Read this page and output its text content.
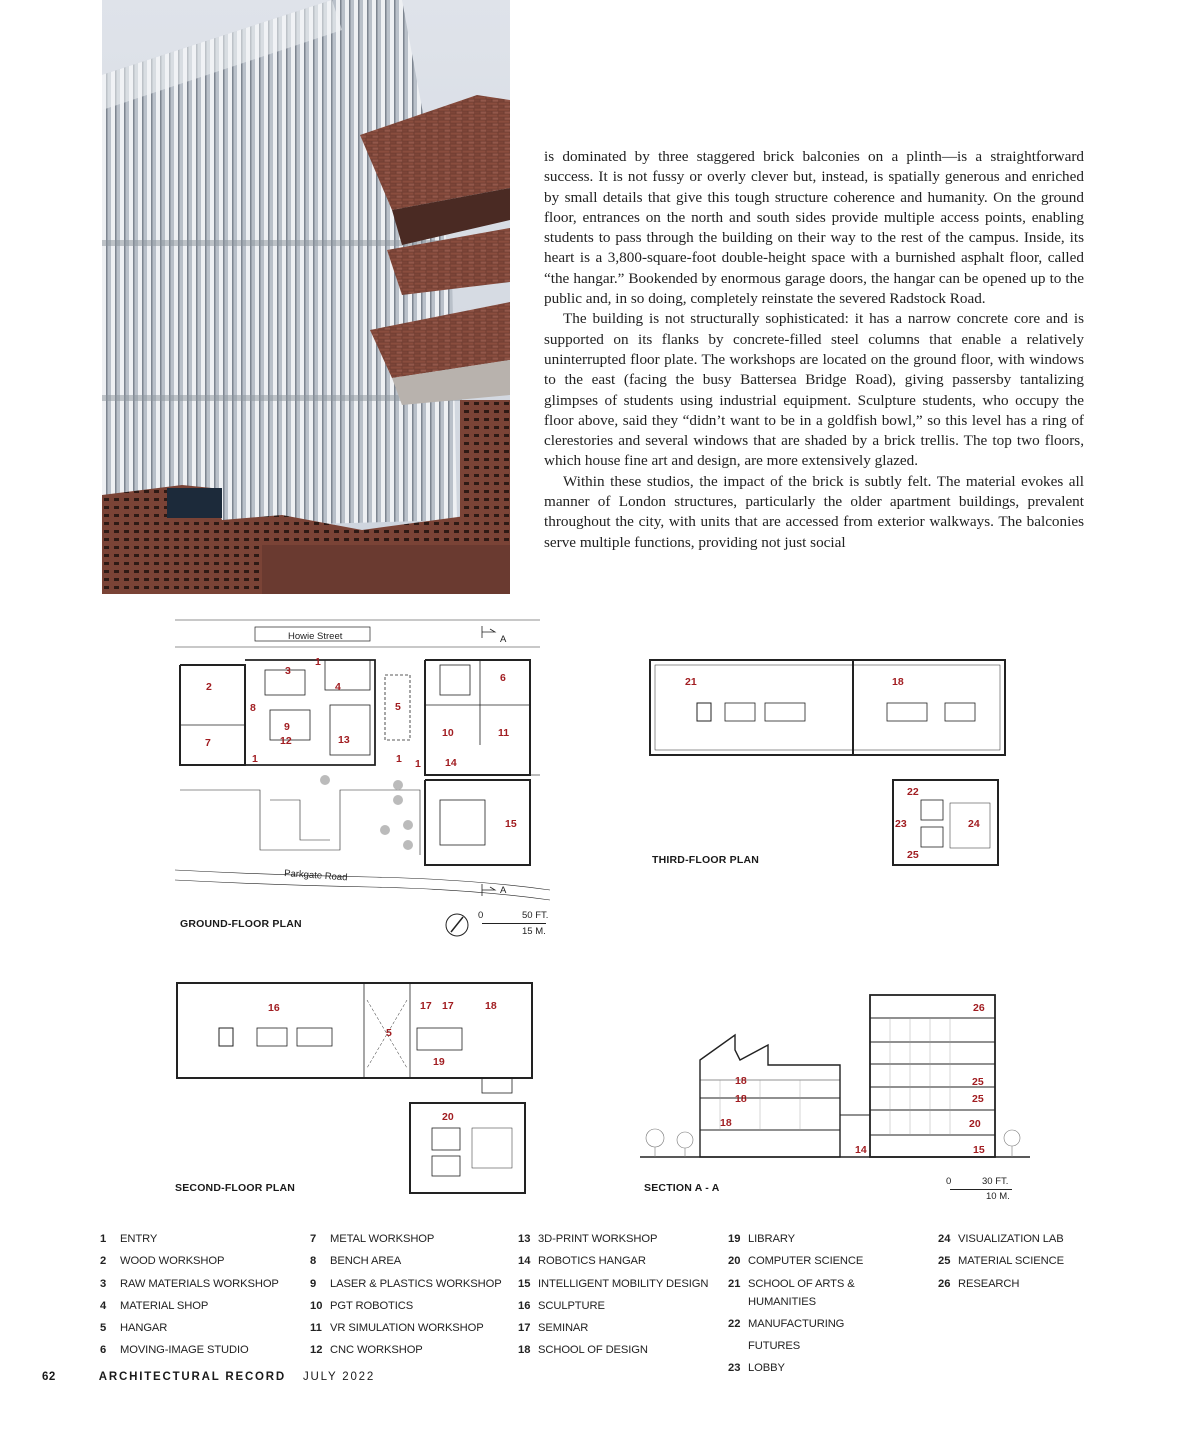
is dominated by three staggered brick balconies on a plinth—is a straightforward success. It is not fussy or overly clever but, instead, is spatially generous and enriched by small details that give this tough structure coherence and humanity. On the ground floor, entrances on the north and south sides provide multiple access points, enabling students to pass through the building on their way to the rest of the campus. Inside, its heart is a 3,800-square-foot double-height space with a burnished asphalt floor, called “the hangar.” Bookended by enormous garage doors, the hangar can be opened up to the public and, in so doing, completely reinstate the severed Radstock Road.

The building is not structurally sophisticated: it has a narrow concrete core and is supported on its flanks by concrete-filled steel columns that enable a relatively uninterrupted floor plate. The workshops are located on the ground floor, with windows to the east (facing the busy Battersea Bridge Road), giving passersby tantalizing glimpses of students using industrial equipment. Sculpture students, who occupy the floor above, said they “didn’t want to be in a goldfish bowl,” so this level has a ring of clerestories and several windows that are shaded by a brick trellis. The top two floors, which house fine art and design, are more extensively glazed.

Within these studios, the impact of the brick is subtly felt. The material evokes all manner of London structures, particularly the older apartment buildings, prevalent throughout the city, with units that are accessed from exterior walkways. The balconies serve multiple functions, providing not just social

1
3
2	4
6
5
8
9
7	12	13
10	11
1	1 1 14
15
Howie Street
Parkgate Road
A
A
GROUND-FLOOR PLAN
0	50 FT.
15 M.
21	18
22
23	24
25
THIRD-FLOOR PLAN
16	17 17	18
5
19
20
SECOND-FLOOR PLAN
26
18
18
18
25
25
20
14	15
SECTION A - A
0	30 FT.
10 M.
1	ENTRY
2	WOOD WORKSHOP
3	RAW MATERIALS WORKSHOP
4	MATERIAL SHOP
5	HANGAR
6	MOVING-IMAGE STUDIO
7	METAL WORKSHOP
8	BENCH AREA
9	LASER & PLASTICS WORKSHOP
10 PGT ROBOTICS
11 VR SIMULATION WORKSHOP
12 CNC WORKSHOP
13 3D-PRINT WORKSHOP
14 ROBOTICS HANGAR
15 INTELLIGENT MOBILITY DESIGN
16 SCULPTURE
17 SEMINAR
18 SCHOOL OF DESIGN
19 LIBRARY
20 COMPUTER SCIENCE
21 SCHOOL OF ARTS & HUMANITIES
22 MANUFACTURING FUTURES
23 LOBBY
24 VISUALIZATION LAB
25 MATERIAL SCIENCE
26 RESEARCH
62	ARCHITECTURAL RECORD JULY 2022
